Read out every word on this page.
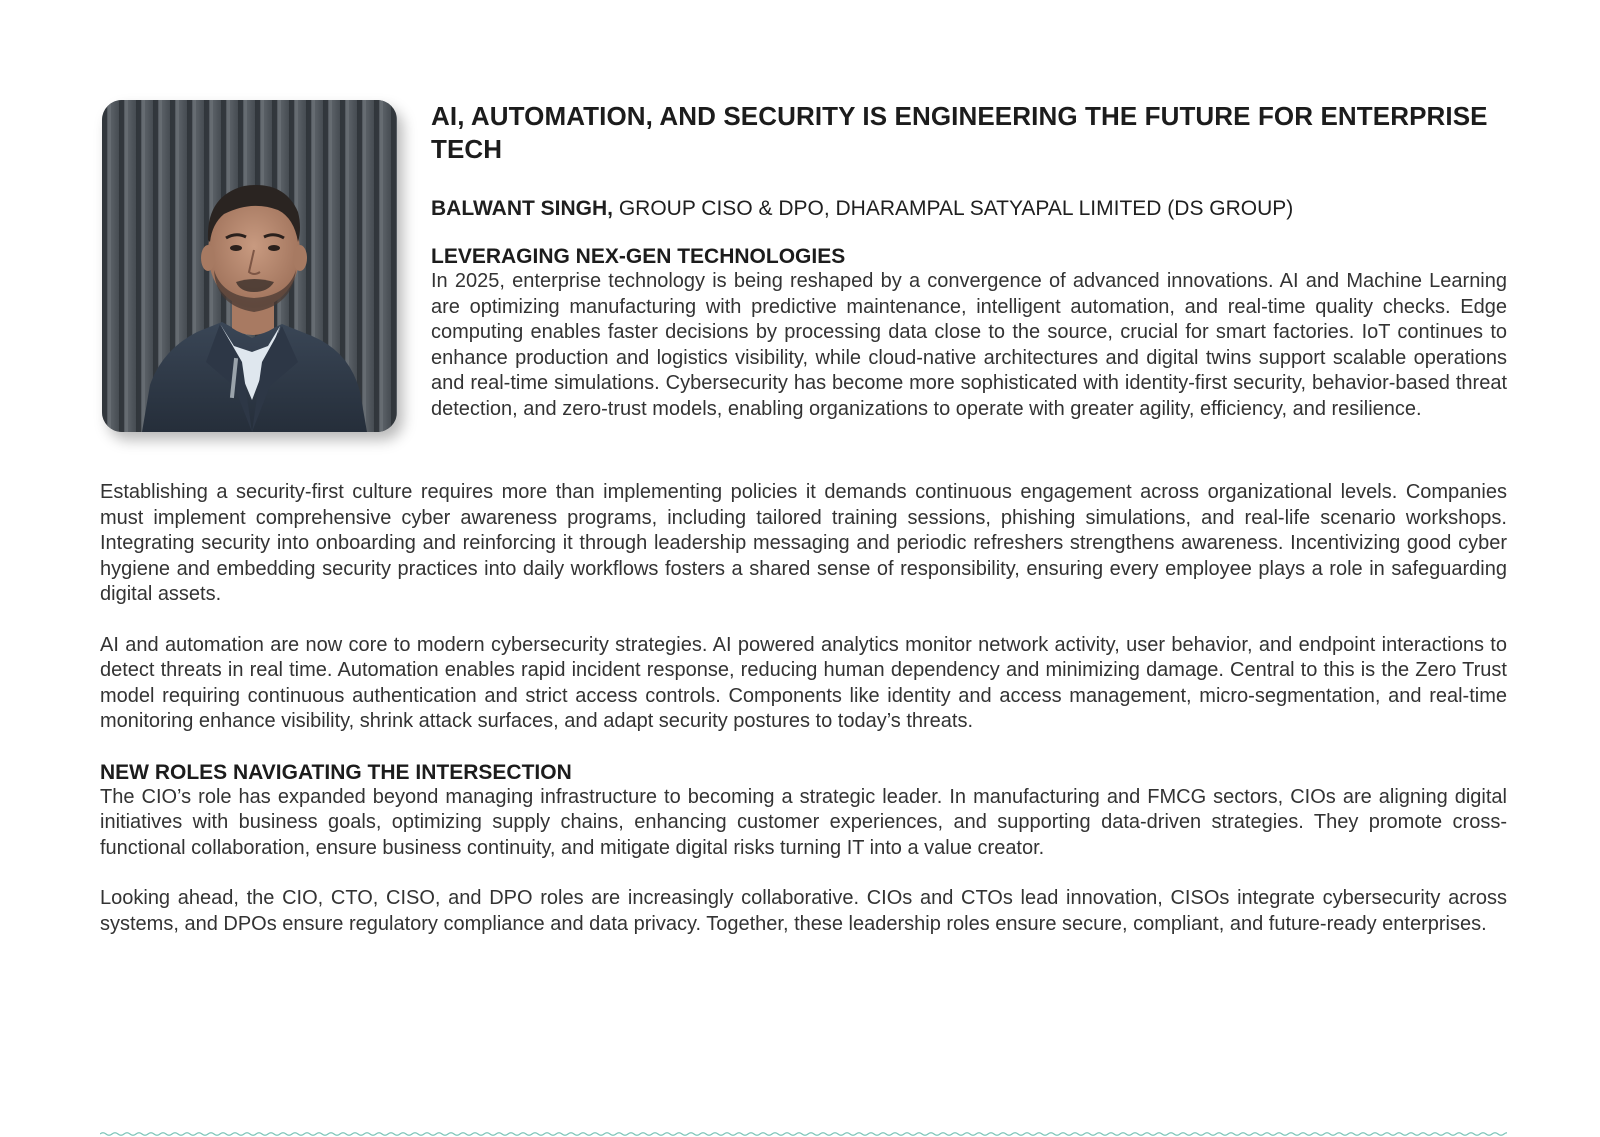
AI, AUTOMATION, AND SECURITY IS ENGINEERING THE FUTURE FOR ENTERPRISE TECH

BALWANT SINGH, GROUP CISO & DPO, DHARAMPAL SATYAPAL LIMITED (DS GROUP)

LEVERAGING NEX-GEN TECHNOLOGIES

In 2025, enterprise technology is being reshaped by a convergence of advanced innovations. AI and Machine Learning are optimizing manufacturing with predictive maintenance, intelligent automation, and real-time quality checks. Edge computing enables faster decisions by processing data close to the source, crucial for smart factories. IoT continues to enhance production and logistics visibility, while cloud-native architectures and digital twins support scalable operations and real-time simulations. Cybersecurity has become more sophisticated with identity-first security, behavior-based threat detection, and zero-trust models, enabling organizations to operate with greater agility, efficiency, and resilience.

Establishing a security-first culture requires more than implementing policies it demands continuous engagement across organizational levels. Companies must implement comprehensive cyber awareness programs, including tailored training sessions, phishing simulations, and real-life scenario workshops. Integrating security into onboarding and reinforcing it through leadership messaging and periodic refreshers strengthens awareness. Incentivizing good cyber hygiene and embedding security practices into daily workflows fosters a shared sense of responsibility, ensuring every employee plays a role in safeguarding digital assets.

AI and automation are now core to modern cybersecurity strategies. AI powered analytics monitor network activity, user behavior, and endpoint interactions to detect threats in real time. Automation enables rapid incident response, reducing human dependency and minimizing damage. Central to this is the Zero Trust model requiring continuous authentication and strict access controls. Components like identity and access management, micro-segmentation, and real-time monitoring enhance visibility, shrink attack surfaces, and adapt security postures to today’s threats.

NEW ROLES NAVIGATING THE INTERSECTION

The CIO’s role has expanded beyond managing infrastructure to becoming a strategic leader. In manufacturing and FMCG sectors, CIOs are aligning digital initiatives with business goals, optimizing supply chains, enhancing customer experiences, and supporting data-driven strategies. They promote cross-functional collaboration, ensure business continuity, and mitigate digital risks turning IT into a value creator.

Looking ahead, the CIO, CTO, CISO, and DPO roles are increasingly collaborative. CIOs and CTOs lead innovation, CISOs integrate cybersecurity across systems, and DPOs ensure regulatory compliance and data privacy. Together, these leadership roles ensure secure, compliant, and future-ready enterprises.
